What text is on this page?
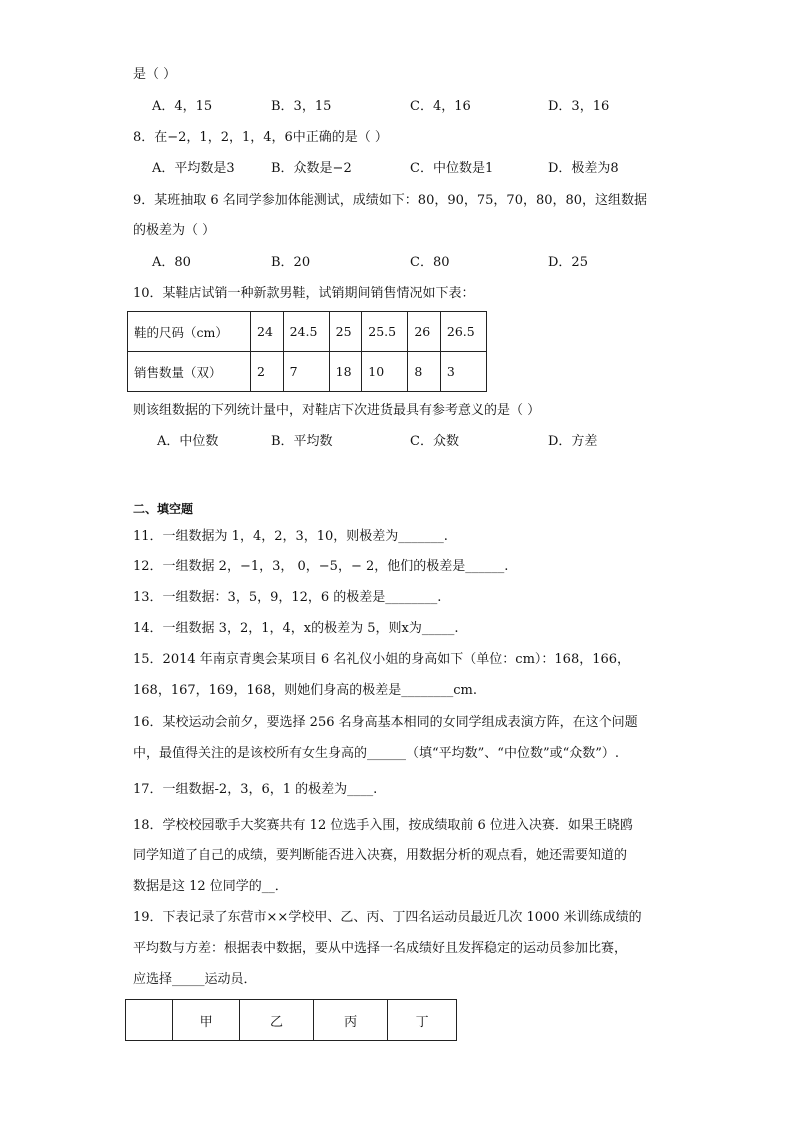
是（ ）
A．4，15	B．3，15	C．4，16	D．3，16
8．在−2，1，2，1，4，6中正确的是（ ）
A．平均数是3	B．众数是−2	C．中位数是1	D．极差为8
9．某班抽取 6 名同学参加体能测试，成绩如下：80，90，75，70，80，80，这组数据
的极差为（ ）
A．80	B．20	C．80	D．25
10．某鞋店试销一种新款男鞋，试销期间销售情况如下表：
鞋的尺码（cm）	24	24.5	25	25.5	26	26.5
销售数量（双）	2	7	18	10	8	3
则该组数据的下列统计量中，对鞋店下次进货最具有参考意义的是（ ）
A．中位数	B．平均数	C．众数	D．方差
二、填空题
11．一组数据为 1，4，2，3，10，则极差为_______.
12．一组数据 2，−1，3， 0，−5，− 2，他们的极差是______.
13．一组数据：3，5，9，12，6 的极差是________.
14．一组数据 3，2，1，4，x的极差为 5，则x为_____.
15．2014 年南京青奥会某项目 6 名礼仪小姐的身高如下（单位：cm）：168，166，
168，167，169，168，则她们身高的极差是________cm.
16．某校运动会前夕，要选择 256 名身高基本相同的女同学组成表演方阵，在这个问题
中，最值得关注的是该校所有女生身高的______（填“平均数”、“中位数”或“众数”）.
17．一组数据-2，3，6，1 的极差为____.
18．学校校园歌手大奖赛共有 12 位选手入围，按成绩取前 6 位进入决赛．如果王晓鸥
同学知道了自己的成绩，要判断能否进入决赛，用数据分析的观点看，她还需要知道的
数据是这 12 位同学的__．
19．下表记录了东营市××学校甲、乙、丙、丁四名运动员最近几次 1000 米训练成绩的
平均数与方差：根据表中数据，要从中选择一名成绩好且发挥稳定的运动员参加比赛，
应选择_____运动员．
	甲	乙	丙	丁
